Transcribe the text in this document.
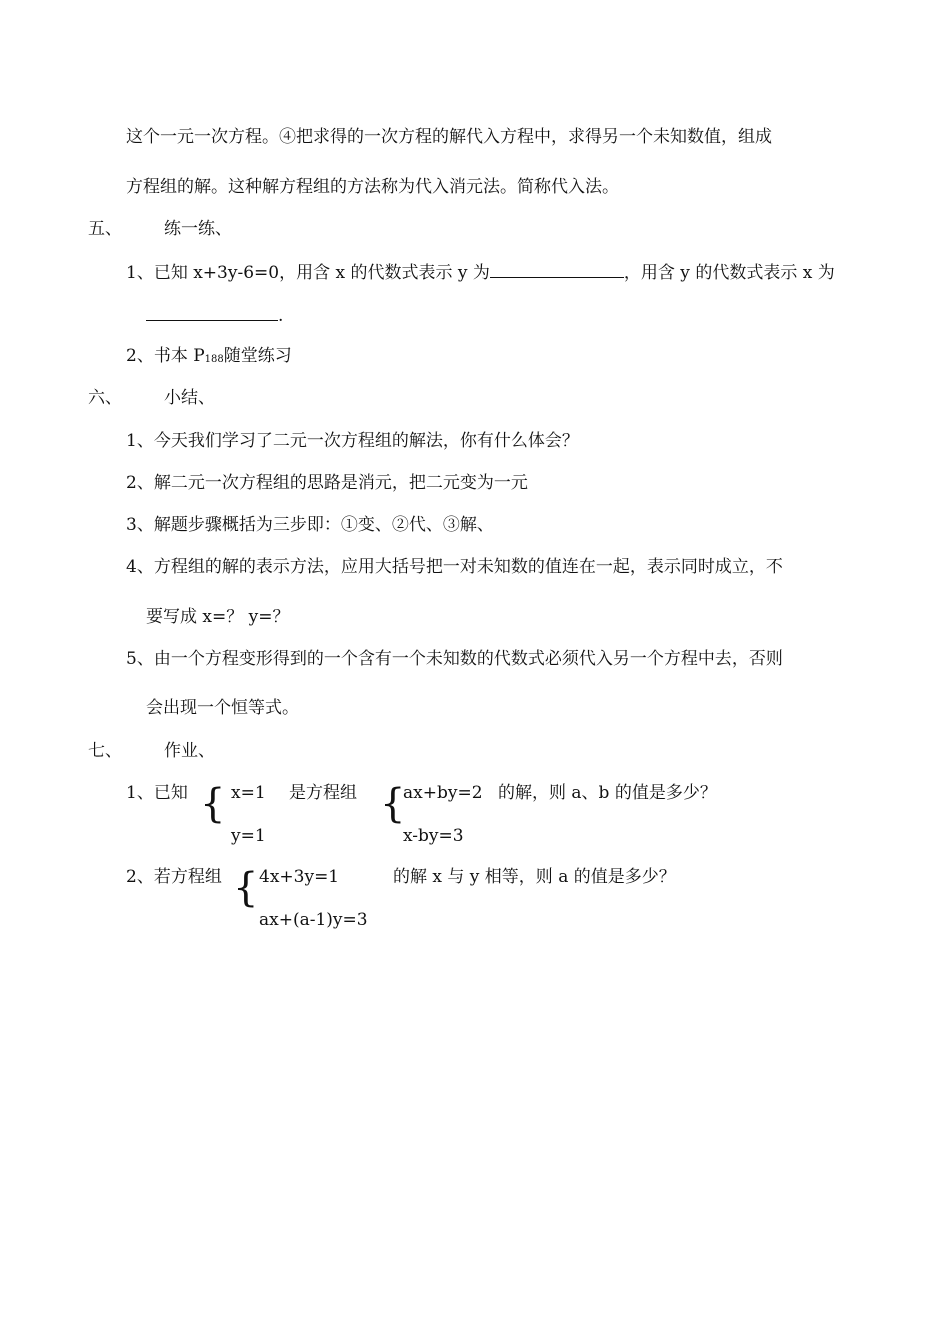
这个一元一次方程。④把求得的一次方程的解代入方程中，求得另一个未知数值，组成
方程组的解。这种解方程组的方法称为代入消元法。简称代入法。
五、 练一练、
1、已知 x+3y-6=0，用含 x 的代数式表示 y 为	，用含 y 的代数式表示 x 为
.
2、书本 $P_{188}$随堂练习
六、 小结、
1、今天我们学习了二元一次方程组的解法，你有什么体会？
2、解二元一次方程组的思路是消元，把二元变为一元
3、解题步骤概括为三步即：①变、②代、③解、
4、方程组的解的表示方法，应用大括号把一对未知数的值连在一起，表示同时成立，不
要写成 x=？ y=？
5、由一个方程变形得到的一个含有一个未知数的代数式必须代入另一个方程中去，否则
会出现一个恒等式。
七、 作业、
1、已知 { x=1
y=1
是方程组 {
ax+by=2
x-by=3
的解，则 a、b 的值是多少？
2、若方程组 { 4x+3y=1
ax+(a-1)y=3
的解 x 与 y 相等，则 a 的值是多少？
